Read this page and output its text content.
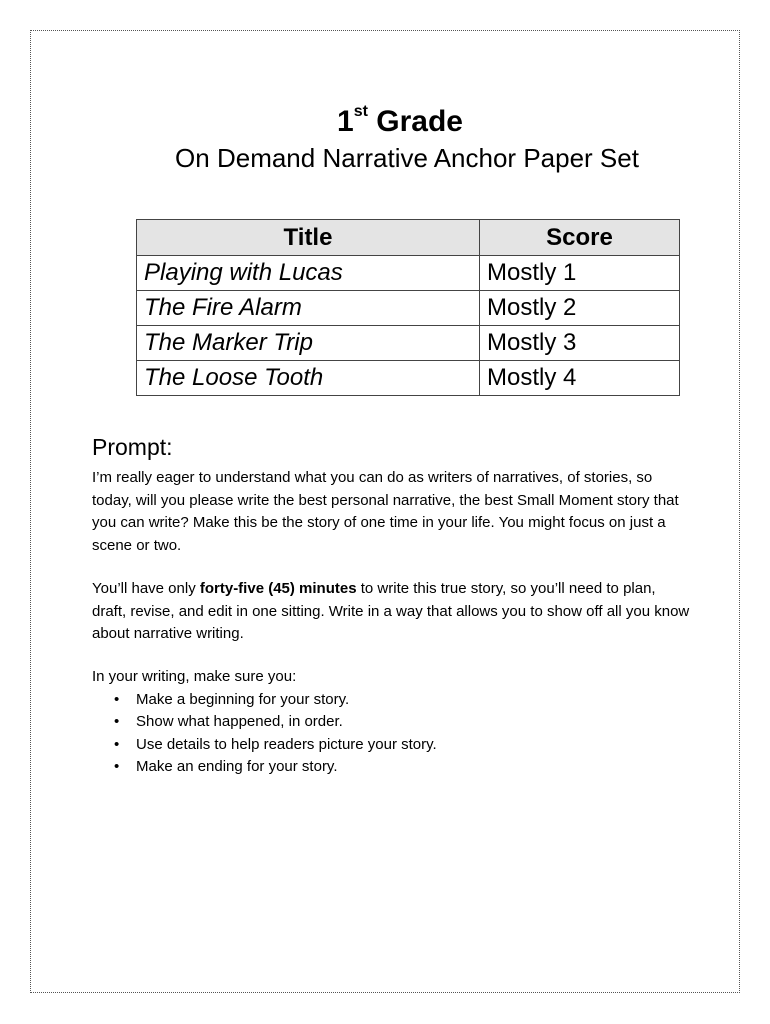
1st Grade
On Demand Narrative Anchor Paper Set
Title	Score
Playing with Lucas	Mostly 1
The Fire Alarm	Mostly 2
The Marker Trip	Mostly 3
The Loose Tooth	Mostly 4
Prompt:
I’m really eager to understand what you can do as writers of narratives, of stories, so today, will you please write the best personal narrative, the best Small Moment story that you can write? Make this be the story of one time in your life. You might focus on just a scene or two.
You’ll have only forty-five (45) minutes to write this true story, so you’ll need to plan, draft, revise, and edit in one sitting. Write in a way that allows you to show off all you know about narrative writing.
In your writing, make sure you:
• Make a beginning for your story.
• Show what happened, in order.
• Use details to help readers picture your story.
• Make an ending for your story.
